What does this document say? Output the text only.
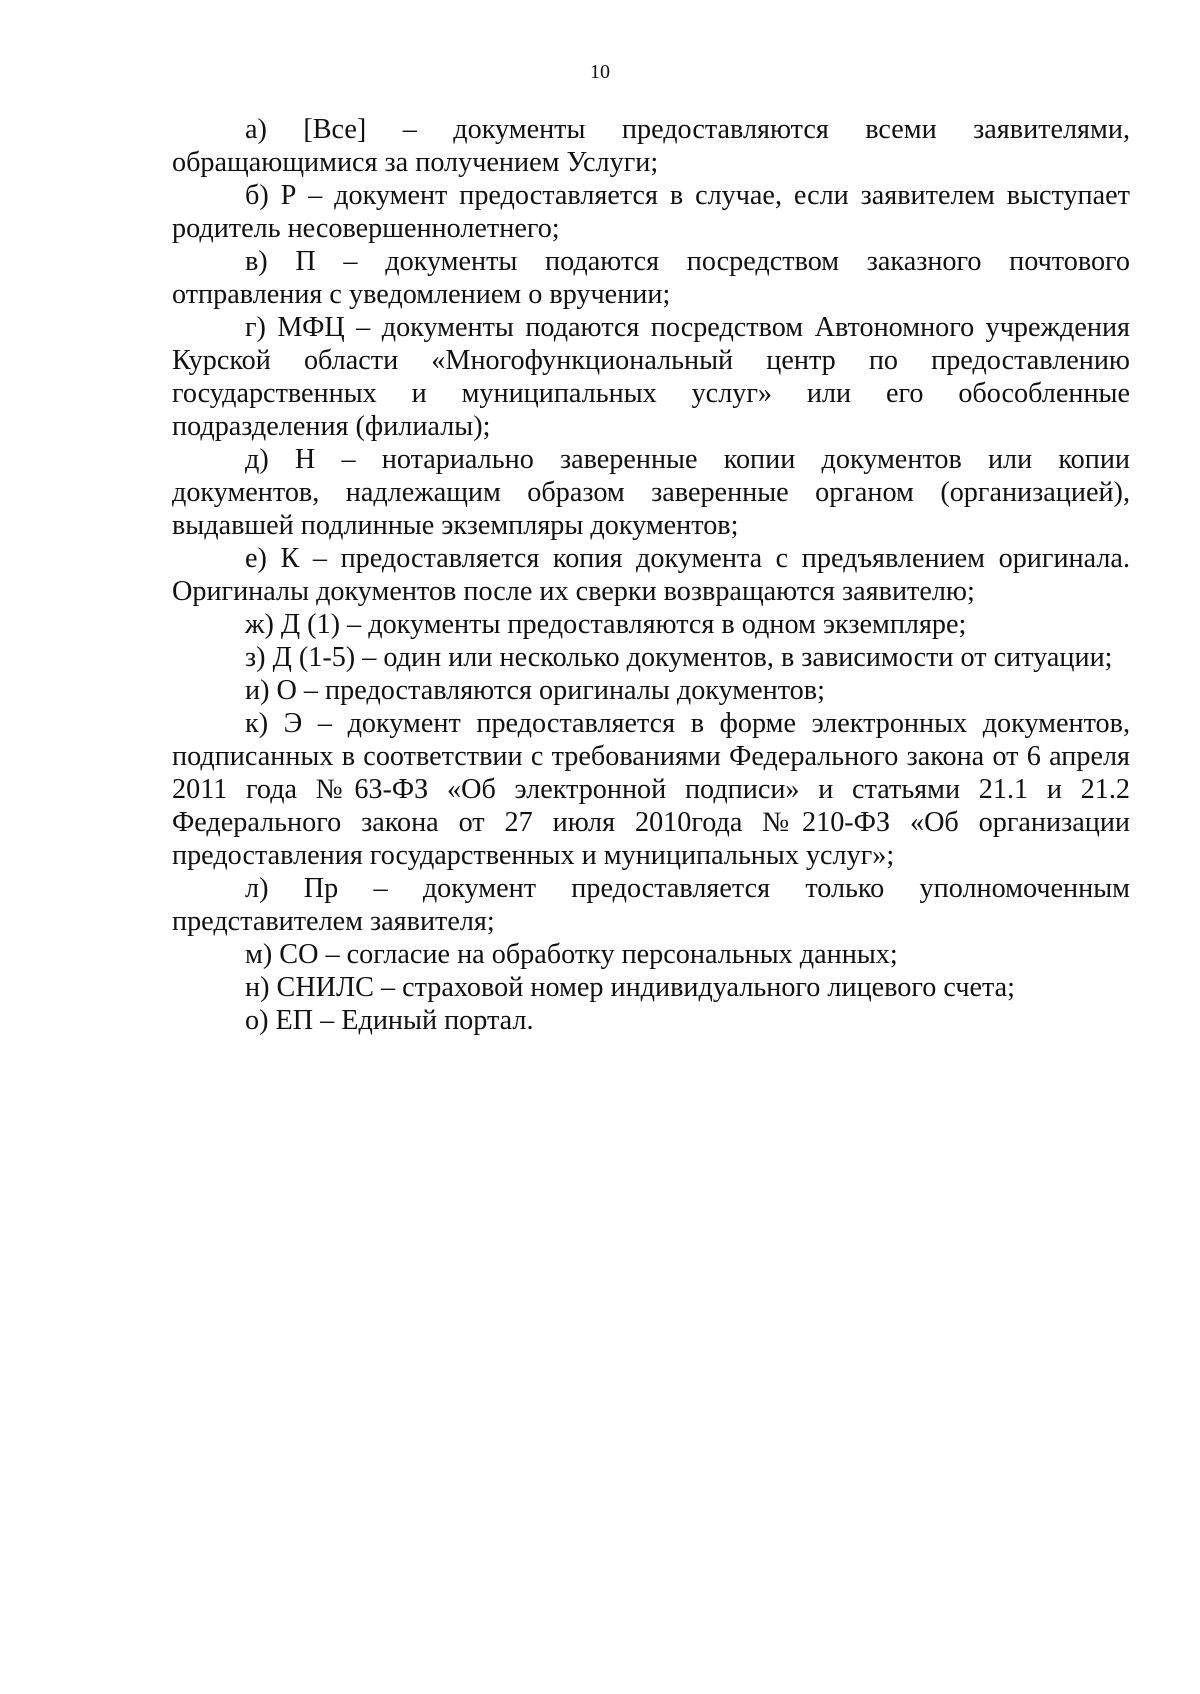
10

а) [Все] – документы предоставляются всеми заявителями, обращающимися за получением Услуги;

б) Р – документ предоставляется в случае, если заявителем выступает родитель несовершеннолетнего;

в) П – документы подаются посредством заказного почтового отправления с уведомлением о вручении;

г) МФЦ – документы подаются посредством Автономного учреждения Курской области «Многофункциональный центр по предоставлению государственных и муниципальных услуг» или его обособленные подразделения (филиалы);

д) Н – нотариально заверенные копии документов или копии документов, надлежащим образом заверенные органом (организацией), выдавшей подлинные экземпляры документов;

е) К – предоставляется копия документа с предъявлением оригинала. Оригиналы документов после их сверки возвращаются заявителю;

ж) Д (1) – документы предоставляются в одном экземпляре;

з) Д (1-5) – один или несколько документов, в зависимости от ситуации;

и) О – предоставляются оригиналы документов;

к) Э – документ предоставляется в форме электронных документов, подписанных в соответствии с требованиями Федерального закона от 6 апреля 2011 года №63-ФЗ «Об электронной подписи» и статьями 21.1 и 21.2 Федерального закона от 27 июля 2010года №210-ФЗ «Об организации предоставления государственных и муниципальных услуг»;

л) Пр – документ предоставляется только уполномоченным представителем заявителя;

м) СО – согласие на обработку персональных данных;

н) СНИЛС – страховой номер индивидуального лицевого счета;

о) ЕП – Единый портал.
